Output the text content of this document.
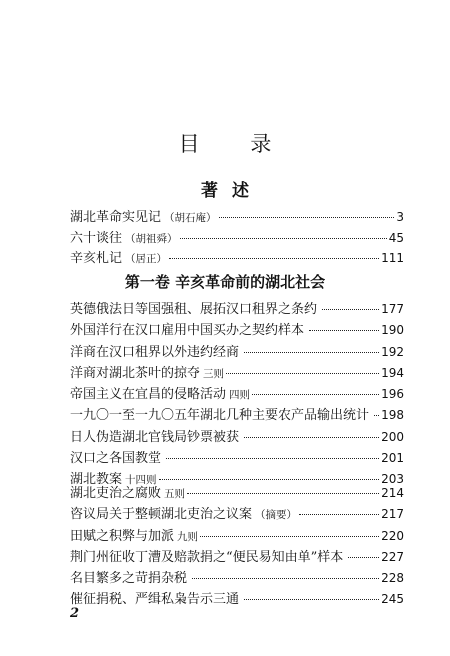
目 录
著述
湖北革命实见记 （胡石庵）	3
六十谈往 （胡祖舜）	45
辛亥札记 （居正）	111
第一卷 辛亥革命前的湖北社会
英德俄法日等国强租、展拓汉口租界之条约	177
外国洋行在汉口雇用中国买办之契约样本	190
洋商在汉口租界以外违约经商	192
洋商对湖北茶叶的掠夺 三则	194
帝国主义在宜昌的侵略活动 四则	196
一九〇一至一九〇五年湖北几种主要农产品输出统计 198
日人伪造湖北官钱局钞票被获	200
汉口之各国教堂	201
湖北教案 十四则	203
湖北吏治之腐败 五则	214
咨议局关于整顿湖北吏治之议案 （摘要）	217
田赋之积弊与加派 九则	220
荆门州征收丁漕及赔款捐之“便民易知由单”样本	227
名目繁多之苛捐杂税	228
催征捐税、严缉私枭告示三通	245
2
